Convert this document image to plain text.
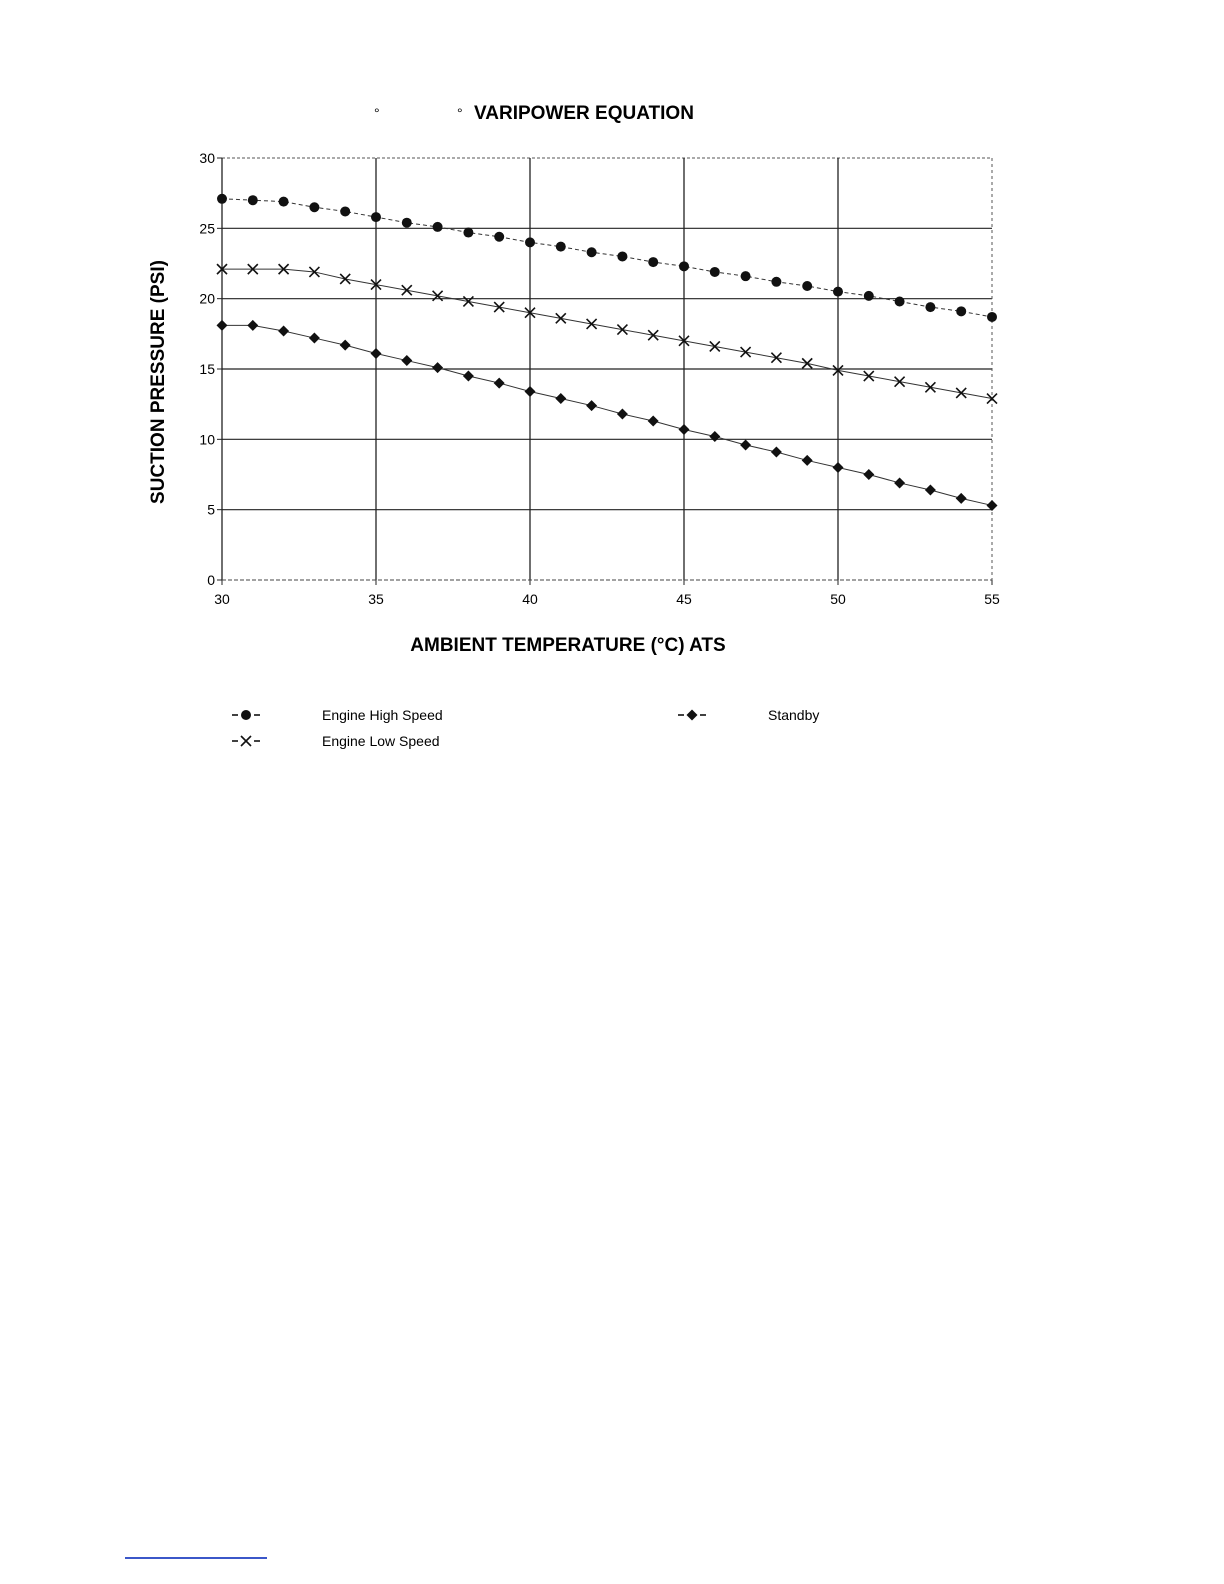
°	° VARIPOWER EQUATION
0
5
10
15
20
25
30
30	35	40	45	50	55
AMBIENT TEMPERATURE (°C) ATS
SUCTION PRESSURE (PSI)
Engine High Speed
Engine Low Speed
Standby
